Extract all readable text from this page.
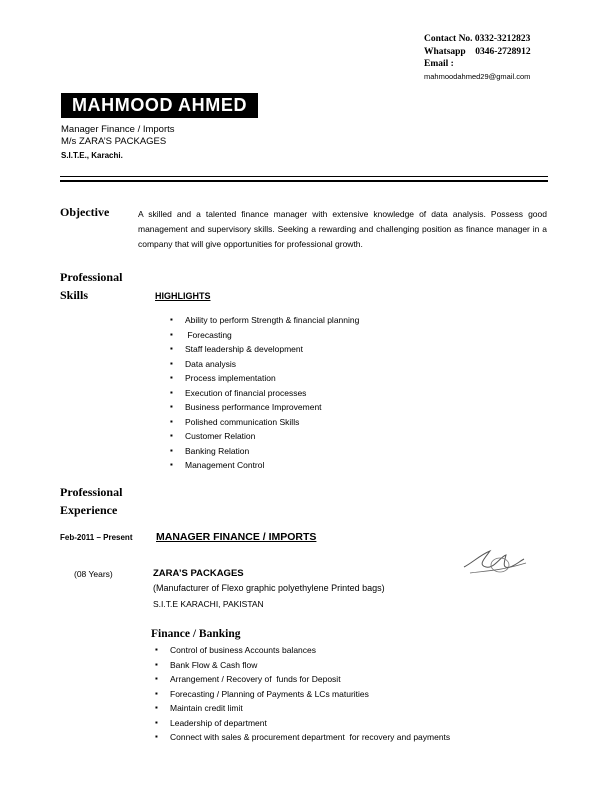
Contact No. 0332-3212823
Whatsapp    0346-2728912
Email :
mahmoodahmed29@gmail.com
MAHMOOD AHMED
Manager Finance / Imports
M/s ZARA’S PACKAGES
S.I.T.E., Karachi.
Objective	A skilled and a talented finance manager with extensive knowledge of data analysis. Possess good management and supervisory skills. Seeking a rewarding and challenging position as finance manager in a company that will give opportunities for professional growth.
Professional
Skills	HIGHLIGHTS
▪ Ability to perform Strength & financial planning
▪  Forecasting
▪ Staff leadership & development
▪ Data analysis
▪ Process implementation
▪ Execution of financial processes
▪ Business performance Improvement
▪ Polished communication Skills
▪ Customer Relation
▪ Banking Relation
▪ Management Control
Professional
Experience
Feb-2011 – Present MANAGER FINANCE / IMPORTS
(08 Years)	ZARA’S PACKAGES
(Manufacturer of Flexo graphic polyethylene Printed bags)
S.I.T.E KARACHI, PAKISTAN
Finance / Banking
▪ Control of business Accounts balances
▪ Bank Flow & Cash flow
▪ Arrangement / Recovery of  funds for Deposit
▪ Forecasting / Planning of Payments & LCs maturities
▪ Maintain credit limit
▪ Leadership of department
▪ Connect with sales & procurement department  for recovery and payments
